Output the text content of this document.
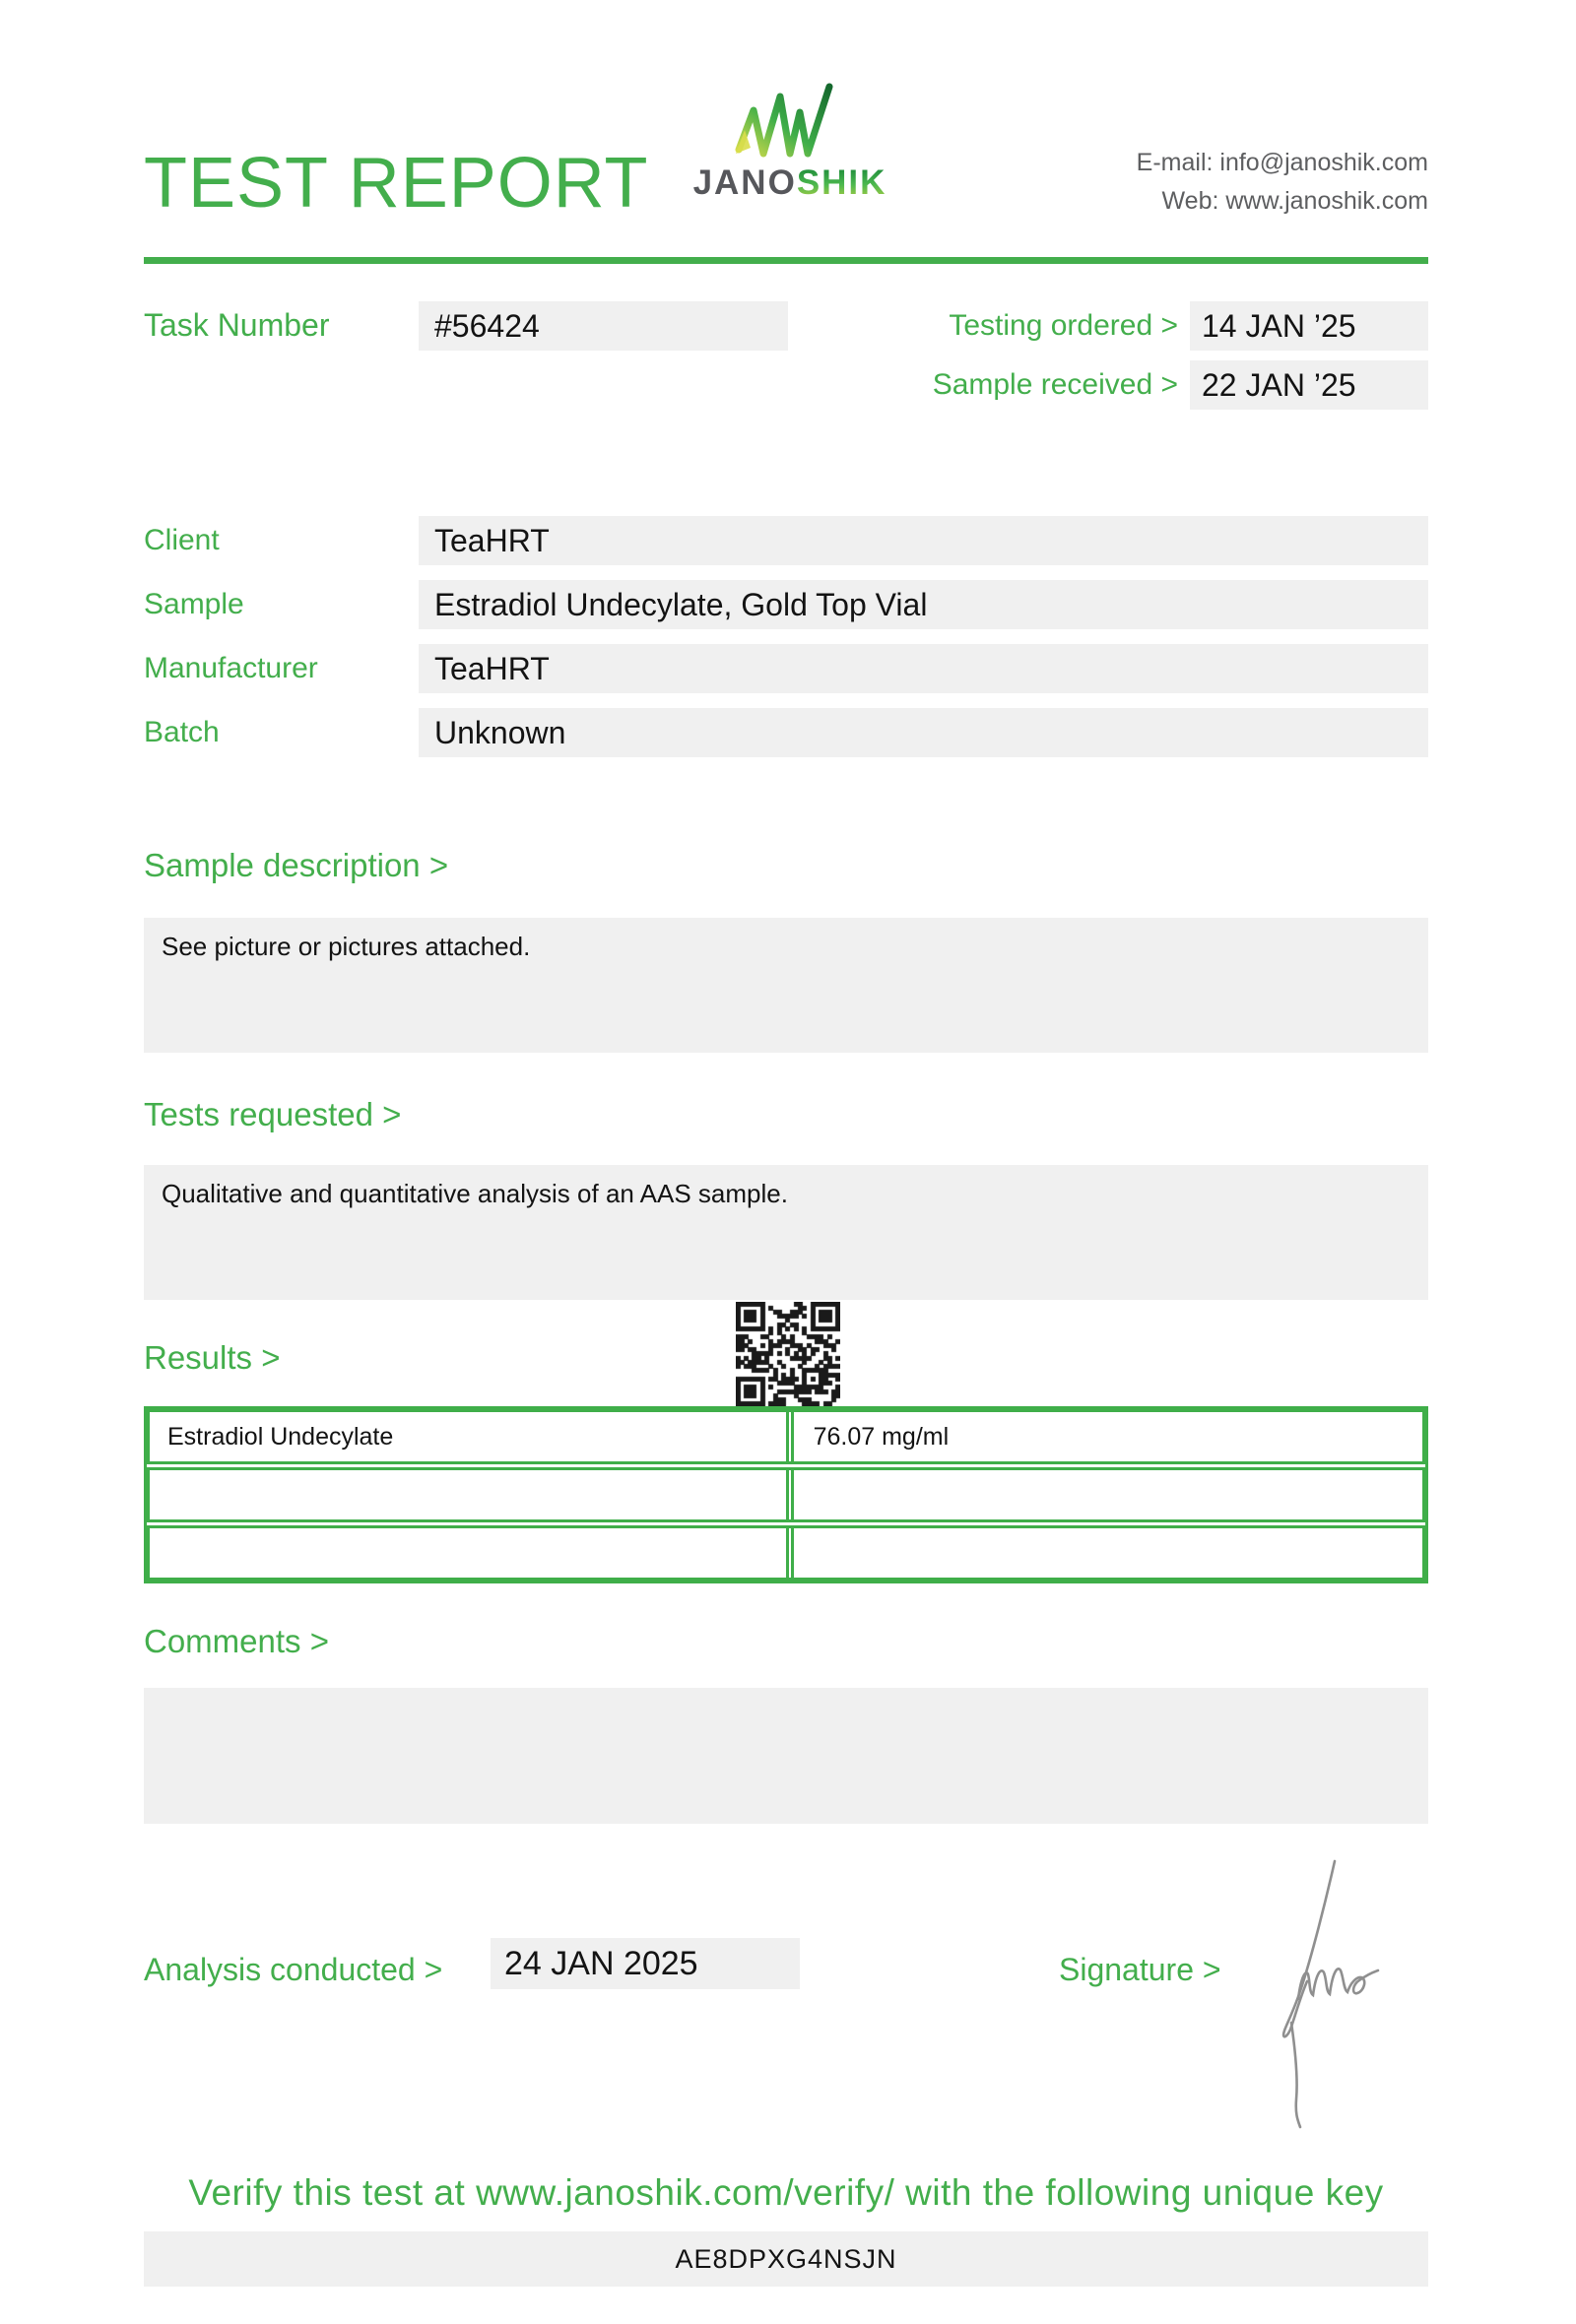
TEST REPORT	JANOSHIK
E-mail: info@janoshik.com
Web: www.janoshik.com
Task Number	#56424	Testing ordered > 14 JAN ’25
Sample received > 22 JAN ’25
Client	TeaHRT
Sample	Estradiol Undecylate, Gold Top Vial
Manufacturer	TeaHRT
Batch	Unknown
Sample description >

See picture or pictures attached.

Tests requested >

Qualitative and quantitative analysis of an AAS sample.

Results >
Estradiol Undecylate	76.07 mg/ml
Comments >

Analysis conducted >	24 JAN 2025	Signature >
Verify this test at www.janoshik.com/verify/ with the following unique key
AE8DPXG4NSJN
